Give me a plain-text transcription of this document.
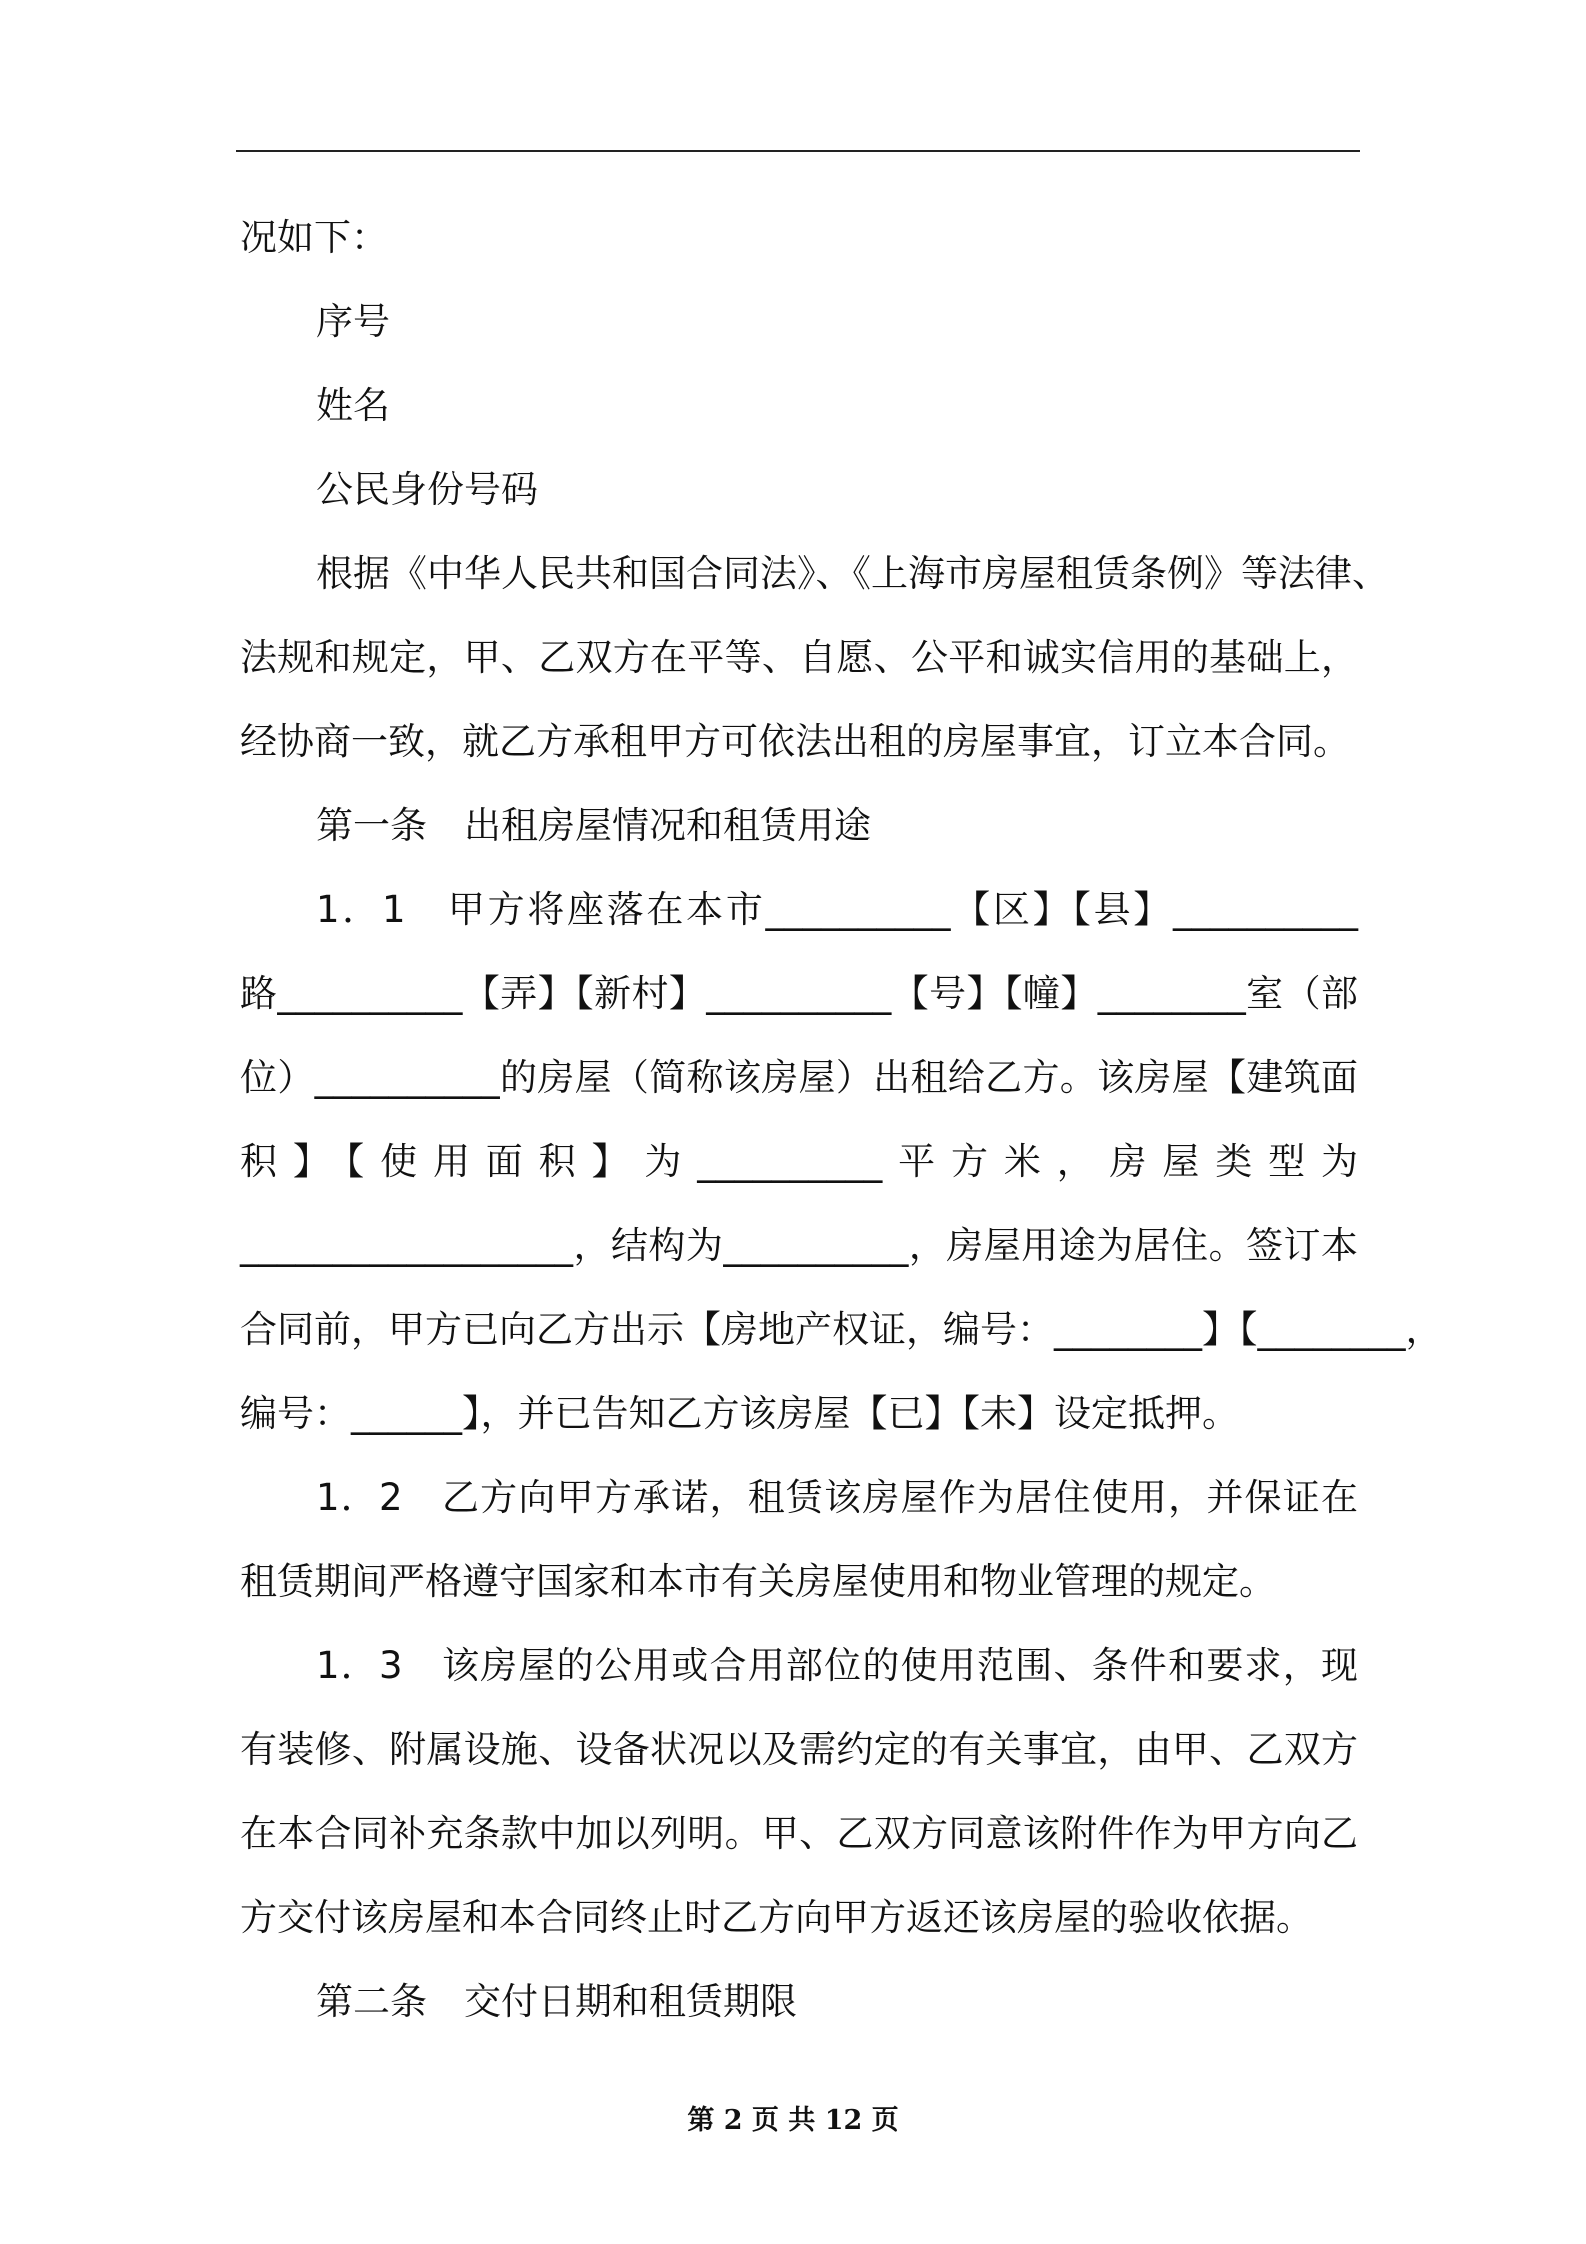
况如下：
序号
姓名
公民身份号码
根据《中华人民共和国合同法》、《上海市房屋租赁条例》等法律、
法规和规定，甲、乙双方在平等、自愿、公平和诚实信用的基础上，
经协商一致，就乙方承租甲方可依法出租的房屋事宜，订立本合同。
第一条　出租房屋情况和租赁用途
1．1　甲方将座落在本市__________【区】【县】__________
路__________【弄】【新村】__________【号】【幢】________室（部
位）__________的房屋（简称该房屋）出租给乙方。该房屋【建筑面
积】【使用面积】为__________平方米，房屋类型为
__________________，结构为__________，房屋用途为居住。签订本
合同前，甲方已向乙方出示【房地产权证，编号：________】【________，
编号：______】，并已告知乙方该房屋【已】【未】设定抵押。
1．2　乙方向甲方承诺，租赁该房屋作为居住使用，并保证在
租赁期间严格遵守国家和本市有关房屋使用和物业管理的规定。
1．3　该房屋的公用或合用部位的使用范围、条件和要求，现
有装修、附属设施、设备状况以及需约定的有关事宜，由甲、乙双方
在本合同补充条款中加以列明。甲、乙双方同意该附件作为甲方向乙
方交付该房屋和本合同终止时乙方向甲方返还该房屋的验收依据。
第二条　交付日期和租赁期限
第 2 页 共 12 页
